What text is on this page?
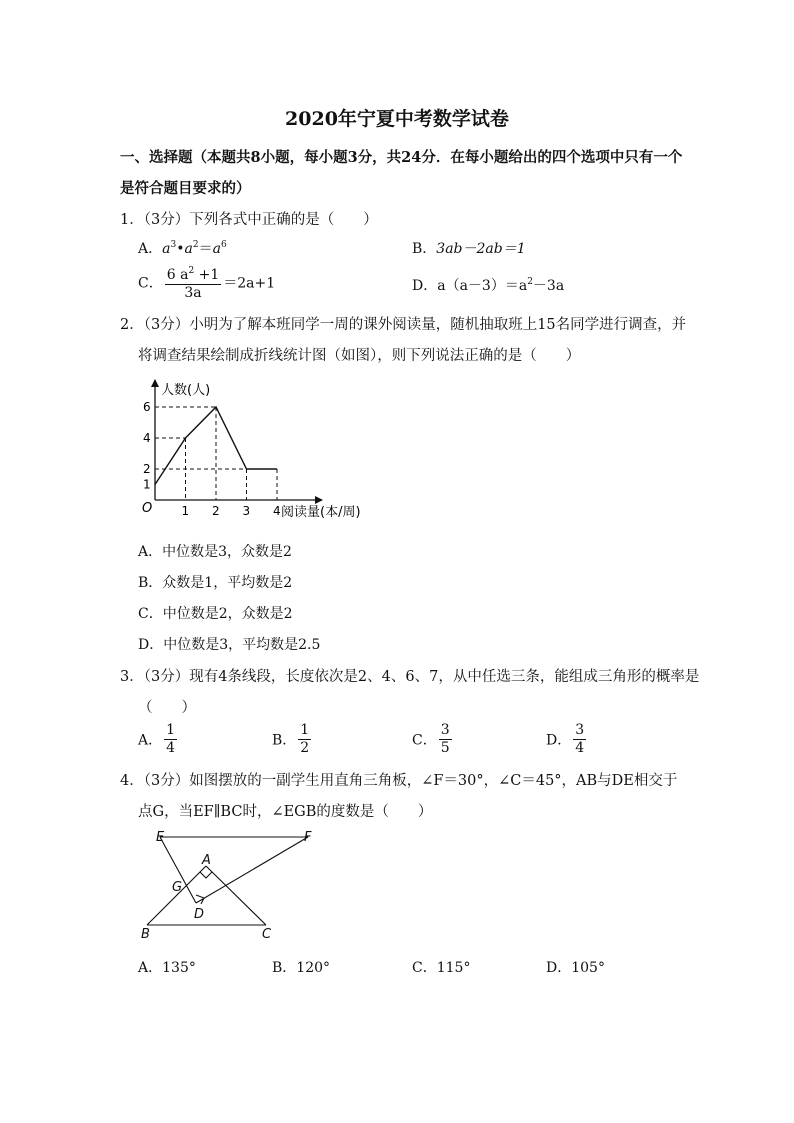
2020年宁夏中考数学试卷
一、选择题（本题共8小题，每小题3分，共24分．在每小题给出的四个选项中只有一个
是符合题目要求的）
1．（3分）下列各式中正确的是（　　）
A．$a^3•a^2=a^6$	B．3ab－2ab＝1
C． $\frac{6 a^2 +1}{3a} =2a+1$	D．$a(a-3)=a^2-3a$
2．（3分）小明为了解本班同学一周的课外阅读量，随机抽取班上15名同学进行调查，并
将调查结果绘制成折线统计图（如图），则下列说法正确的是（　　）
1 2 3 4
1
2
4
6
O
人数(人)
阅读量(本/周)
A．中位数是3，众数是2
B．众数是1，平均数是2
C．中位数是2，众数是2
D．中位数是3，平均数是2.5
3．（3分）现有4条线段，长度依次是2、4、6、7，从中任选三条，能组成三角形的概率是
（　　）
A． $\frac{1}{4}$	B． $\frac{1}{2}$	C． $\frac{3}{5}$	D． $\frac{3}{4}$
4．（3分）如图摆放的一副学生用直角三角板，∠F＝30°，∠C＝45°，AB与DE相交于
点G，当EF∥BC时，∠EGB的度数是（　　）
E	F
A
G
D
B	C
A．135°	B．120°	C．115°	D．105°
